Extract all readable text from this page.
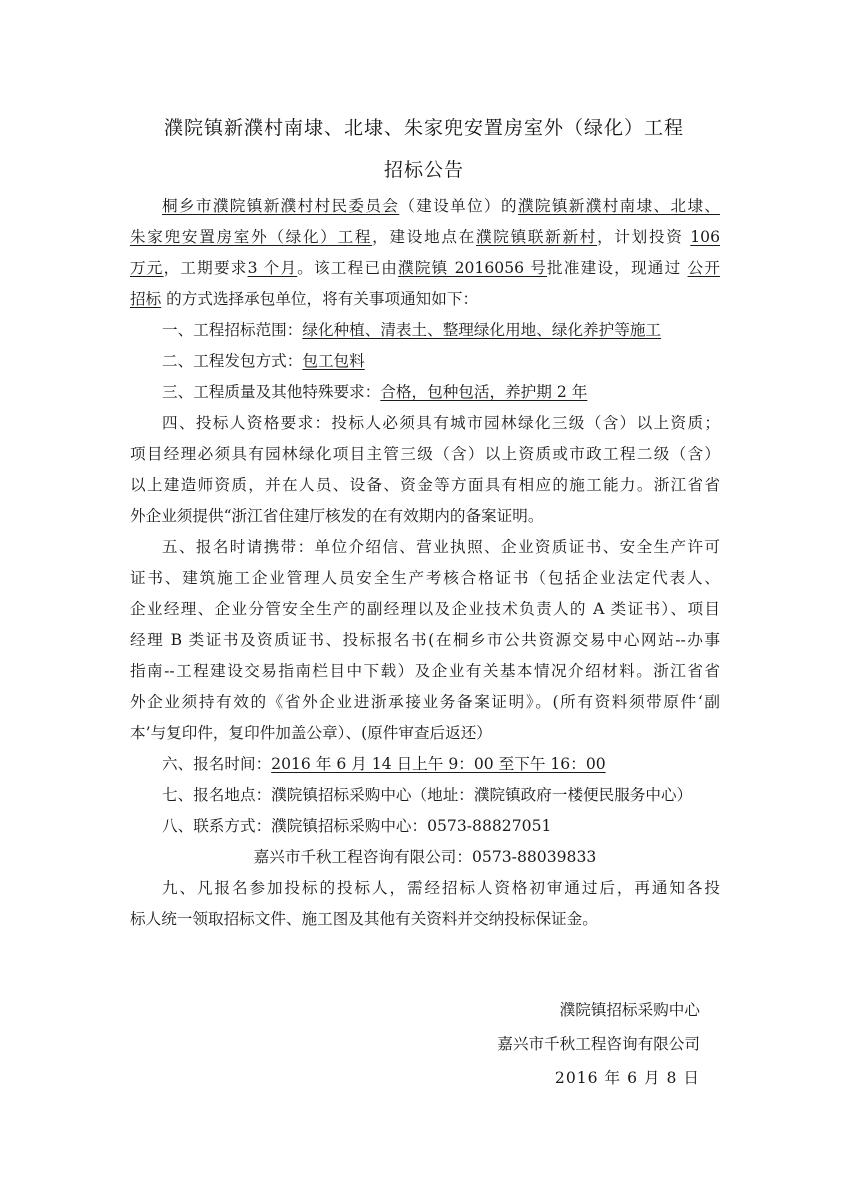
濮院镇新濮村南埭、北埭、朱家兜安置房室外（绿化）工程
招标公告
桐乡市濮院镇新濮村村民委员会（建设单位）的濮院镇新濮村南埭、北埭、
朱家兜安置房室外（绿化）工程，建设地点在濮院镇联新新村，计划投资 106
万元，工期要求3 个月。该工程已由濮院镇 2016056 号批准建设，现通过 公开
招标 的方式选择承包单位，将有关事项通知如下：
一、工程招标范围：绿化种植、清表土、整理绿化用地、绿化养护等施工
二、工程发包方式：包工包料
三、工程质量及其他特殊要求：合格，包种包活，养护期 2 年
四、投标人资格要求：投标人必须具有城市园林绿化三级（含）以上资质；
项目经理必须具有园林绿化项目主管三级（含）以上资质或市政工程二级（含）
以上建造师资质，并在人员、设备、资金等方面具有相应的施工能力。浙江省省
外企业须提供“浙江省住建厅核发的在有效期内的备案证明。
五、报名时请携带：单位介绍信、营业执照、企业资质证书、安全生产许可
证书、建筑施工企业管理人员安全生产考核合格证书（包括企业法定代表人、
企业经理、企业分管安全生产的副经理以及企业技术负责人的 A 类证书）、项目
经理 B 类证书及资质证书、投标报名书(在桐乡市公共资源交易中心网站--办事
指南--工程建设交易指南栏目中下载）及企业有关基本情况介绍材料。浙江省省
外企业须持有效的《省外企业进浙承接业务备案证明》。(所有资料须带原件‘副
本’与复印件，复印件加盖公章）、(原件审查后返还）
六、报名时间：2016 年 6 月 14 日上午 9：00 至下午 16：00
七、报名地点：濮院镇招标采购中心（地址：濮院镇政府一楼便民服务中心）
八、联系方式：濮院镇招标采购中心：0573-88827051
嘉兴市千秋工程咨询有限公司：0573-88039833
九、凡报名参加投标的投标人，需经招标人资格初审通过后，再通知各投
标人统一领取招标文件、施工图及其他有关资料并交纳投标保证金。
濮院镇招标采购中心
嘉兴市千秋工程咨询有限公司
2016 年 6 月 8 日
